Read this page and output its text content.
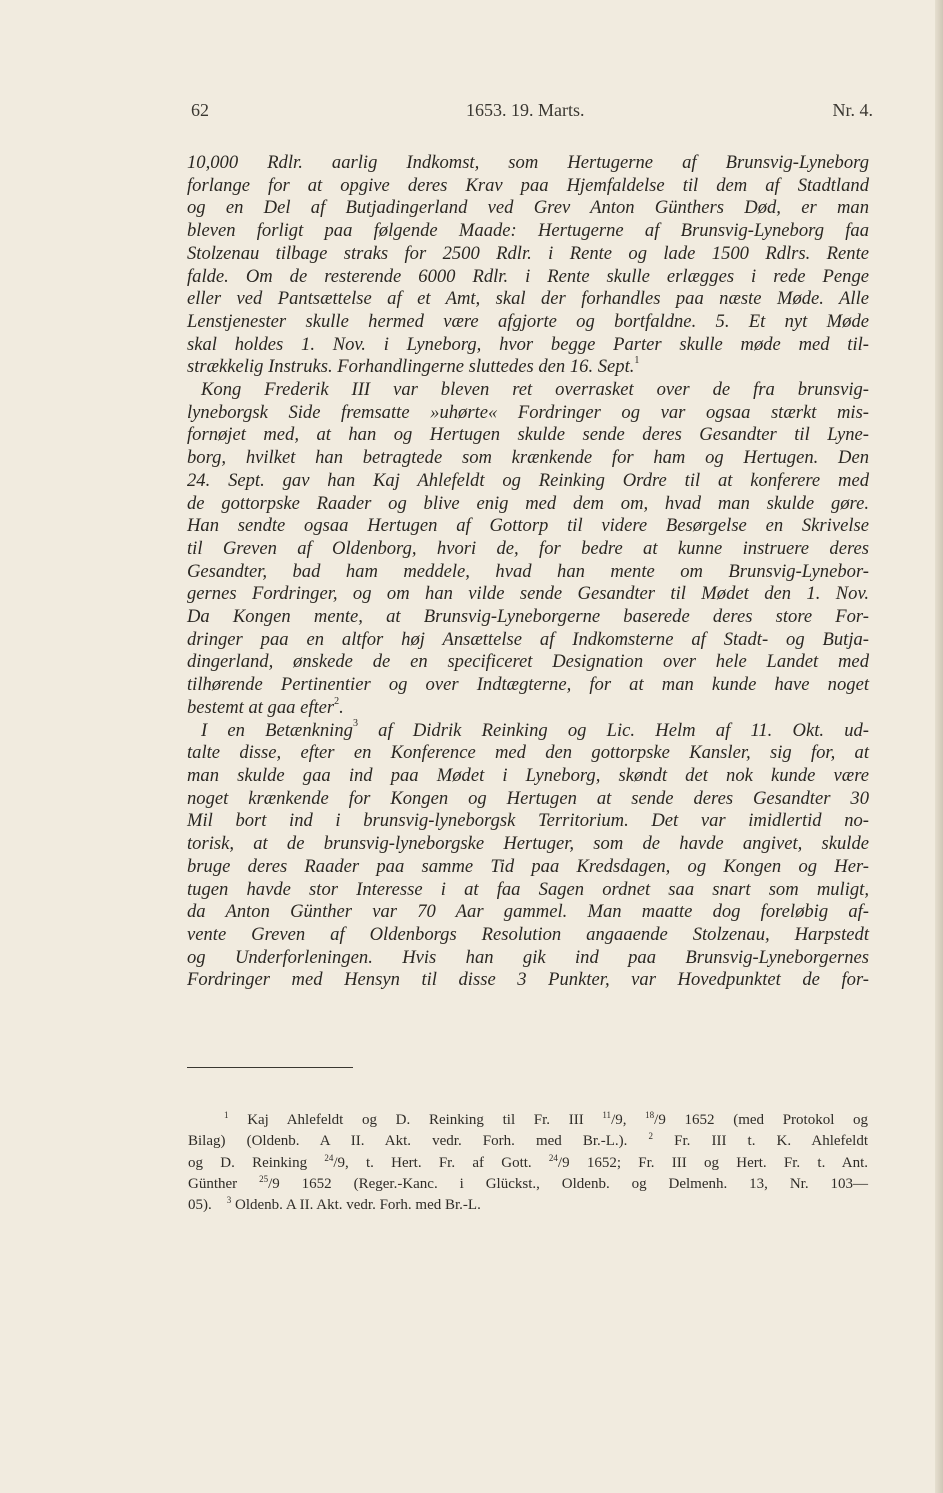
62	1653. 19. Marts.	Nr. 4.

10,000 Rdlr. aarlig Indkomst, som Hertugerne af Brunsvig-Lyneborg

forlange for at opgive deres Krav paa Hjemfaldelse til dem af Stadtland

og en Del af Butjadingerland ved Grev Anton Günthers Død, er man

bleven forligt paa følgende Maade: Hertugerne af Brunsvig-Lyneborg faa

Stolzenau tilbage straks for 2500 Rdlr. i Rente og lade 1500 Rdlrs. Rente

falde. Om de resterende 6000 Rdlr. i Rente skulle erlægges i rede Penge

eller ved Pantsættelse af et Amt, skal der forhandles paa næste Møde. Alle

Lenstjenester skulle hermed være afgjorte og bortfaldne. 5. Et nyt Møde

skal holdes 1. Nov. i Lyneborg, hvor begge Parter skulle møde med til-

strækkelig Instruks. Forhandlingerne sluttedes den 16. Sept.$^1$

Kong Frederik III var bleven ret overrasket over de fra brunsvig-

lyneborgsk Side fremsatte »uhørte« Fordringer og var ogsaa stærkt mis-

fornøjet med, at han og Hertugen skulde sende deres Gesandter til Lyne-

borg, hvilket han betragtede som krænkende for ham og Hertugen. Den

24. Sept. gav han Kaj Ahlefeldt og Reinking Ordre til at konferere med

de gottorpske Raader og blive enig med dem om, hvad man skulde gøre.

Han sendte ogsaa Hertugen af Gottorp til videre Besørgelse en Skrivelse

til Greven af Oldenborg, hvori de, for bedre at kunne instruere deres

Gesandter, bad ham meddele, hvad han mente om Brunsvig-Lynebor-

gernes Fordringer, og om han vilde sende Gesandter til Mødet den 1. Nov.

Da Kongen mente, at Brunsvig-Lyneborgerne baserede deres store For-

dringer paa en altfor høj Ansættelse af Indkomsterne af Stadt- og Butja-

dingerland, ønskede de en specificeret Designation over hele Landet med

tilhørende Pertinentier og over Indtægterne, for at man kunde have noget

bestemt at gaa efter$^2$.

I en Betænkning$^3$ af Didrik Reinking og Lic. Helm af 11. Okt. ud-

talte disse, efter en Konference med den gottorpske Kansler, sig for, at

man skulde gaa ind paa Mødet i Lyneborg, skøndt det nok kunde være

noget krænkende for Kongen og Hertugen at sende deres Gesandter 30

Mil bort ind i brunsvig-lyneborgsk Territorium. Det var imidlertid no-

torisk, at de brunsvig-lyneborgske Hertuger, som de havde angivet, skulde

bruge deres Raader paa samme Tid paa Kredsdagen, og Kongen og Her-

tugen havde stor Interesse i at faa Sagen ordnet saa snart som muligt,

da Anton Günther var 70 Aar gammel. Man maatte dog foreløbig af-

vente Greven af Oldenborgs Resolution angaaende Stolzenau, Harpstedt

og Underforleningen. Hvis han gik ind paa Brunsvig-Lyneborgernes

Fordringer med Hensyn til disse 3 Punkter, var Hovedpunktet de for-

$^1$ Kaj Ahlefeldt og D. Reinking til Fr. III $^{11}$/9, $^{18}$/9 1652 (med Protokol og
Bilag) (Oldenb. A II. Akt. vedr. Forh. med Br.-L.). $^2$ Fr. III t. K. Ahlefeldt
og D. Reinking $^{24}$/9, t. Hert. Fr. af Gott. $^{24}$/9 1652; Fr. III og Hert. Fr. t. Ant.
Günther $^{25}$/9 1652 (Reger.-Kanc. i Glückst., Oldenb. og Delmenh. 13, Nr. 103—
05). $^3$ Oldenb. A II. Akt. vedr. Forh. med Br.-L.
